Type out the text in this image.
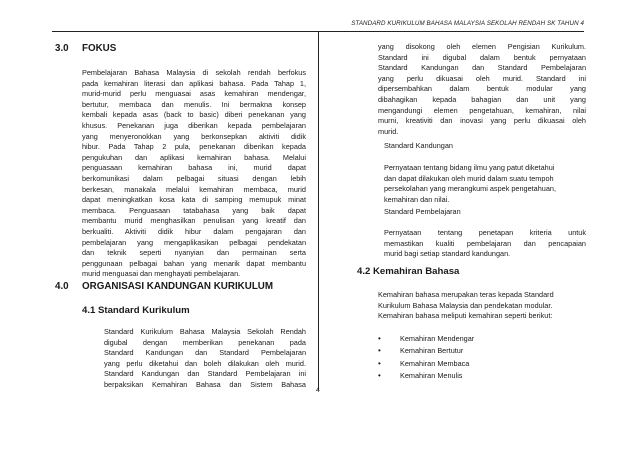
STANDARD KURIKULUM BAHASA MALAYSIA SEKOLAH RENDAH SK TAHUN 4
3.0 FOKUS
Pembelajaran Bahasa Malaysia di sekolah rendah berfokus
pada kemahiran literasi dan aplikasi bahasa. Pada Tahap 1,
murid-murid perlu menguasai asas kemahiran mendengar,
bertutur, membaca dan menulis. Ini bermakna konsep
kembali kepada asas (back to basic) diberi penekanan yang
khusus. Penekanan juga diberikan kepada pembelajaran
yang menyeronokkan yang berkonsepkan aktiviti didik
hibur. Pada Tahap 2 pula, penekanan diberikan kepada
pengukuhan dan aplikasi kemahiran bahasa. Melalui
penguasaan kemahiran bahasa ini, murid dapat
berkomunikasi dalam pelbagai situasi dengan lebih
berkesan, manakala melalui kemahiran membaca, murid
dapat meningkatkan kosa kata di samping memupuk minat
membaca. Penguasaan tatabahasa yang baik dapat
membantu murid menghasilkan penulisan yang kreatif dan
berkualiti. Aktiviti didik hibur dalam pengajaran dan
pembelajaran yang mengaplikasikan pelbagai pendekatan
dan teknik seperti nyanyian dan permainan serta
penggunaan pelbagai bahan yang menarik dapat membantu
murid menguasai dan menghayati pembelajaran.
4.0 ORGANISASI KANDUNGAN KURIKULUM
4.1 Standard Kurikulum
Standard Kurikulum Bahasa Malaysia Sekolah Rendah
digubal dengan memberikan penekanan pada
Standard Kandungan dan Standard Pembelajaran
yang perlu diketahui dan boleh dilakukan oleh murid.
Standard Kandungan dan Standard Pembelajaran ini
berpaksikan Kemahiran Bahasa dan Sistem Bahasa
yang disokong oleh elemen Pengisian Kurikulum.
Standard ini digubal dalam bentuk pernyataan
Standard Kandungan dan Standard Pembelajaran
yang perlu dikuasai oleh murid. Standard ini
dipersembahkan dalam bentuk modular yang
dibahagikan kepada bahagian dan unit yang
mengandungi elemen pengetahuan, kemahiran, nilai
murni, kreativiti dan inovasi yang perlu dikuasai oleh
murid.
Standard Kandungan
Pernyataan tentang bidang ilmu yang patut diketahui
dan dapat dilakukan oleh murid dalam suatu tempoh
persekolahan yang merangkumi aspek pengetahuan,
kemahiran dan nilai.
Standard Pembelajaran
Pernyataan tentang penetapan kriteria untuk
memastikan kualiti pembelajaran dan pencapaian
murid bagi setiap standard kandungan.
4.2 Kemahiran Bahasa
Kemahiran bahasa merupakan teras kepada Standard
Kurikulum Bahasa Malaysia dan pendekatan modular.
Kemahiran bahasa meliputi kemahiran seperti berikut:
•	Kemahiran Mendengar
•	Kemahiran Bertutur
•	Kemahiran Membaca
•	Kemahiran Menulis
4
